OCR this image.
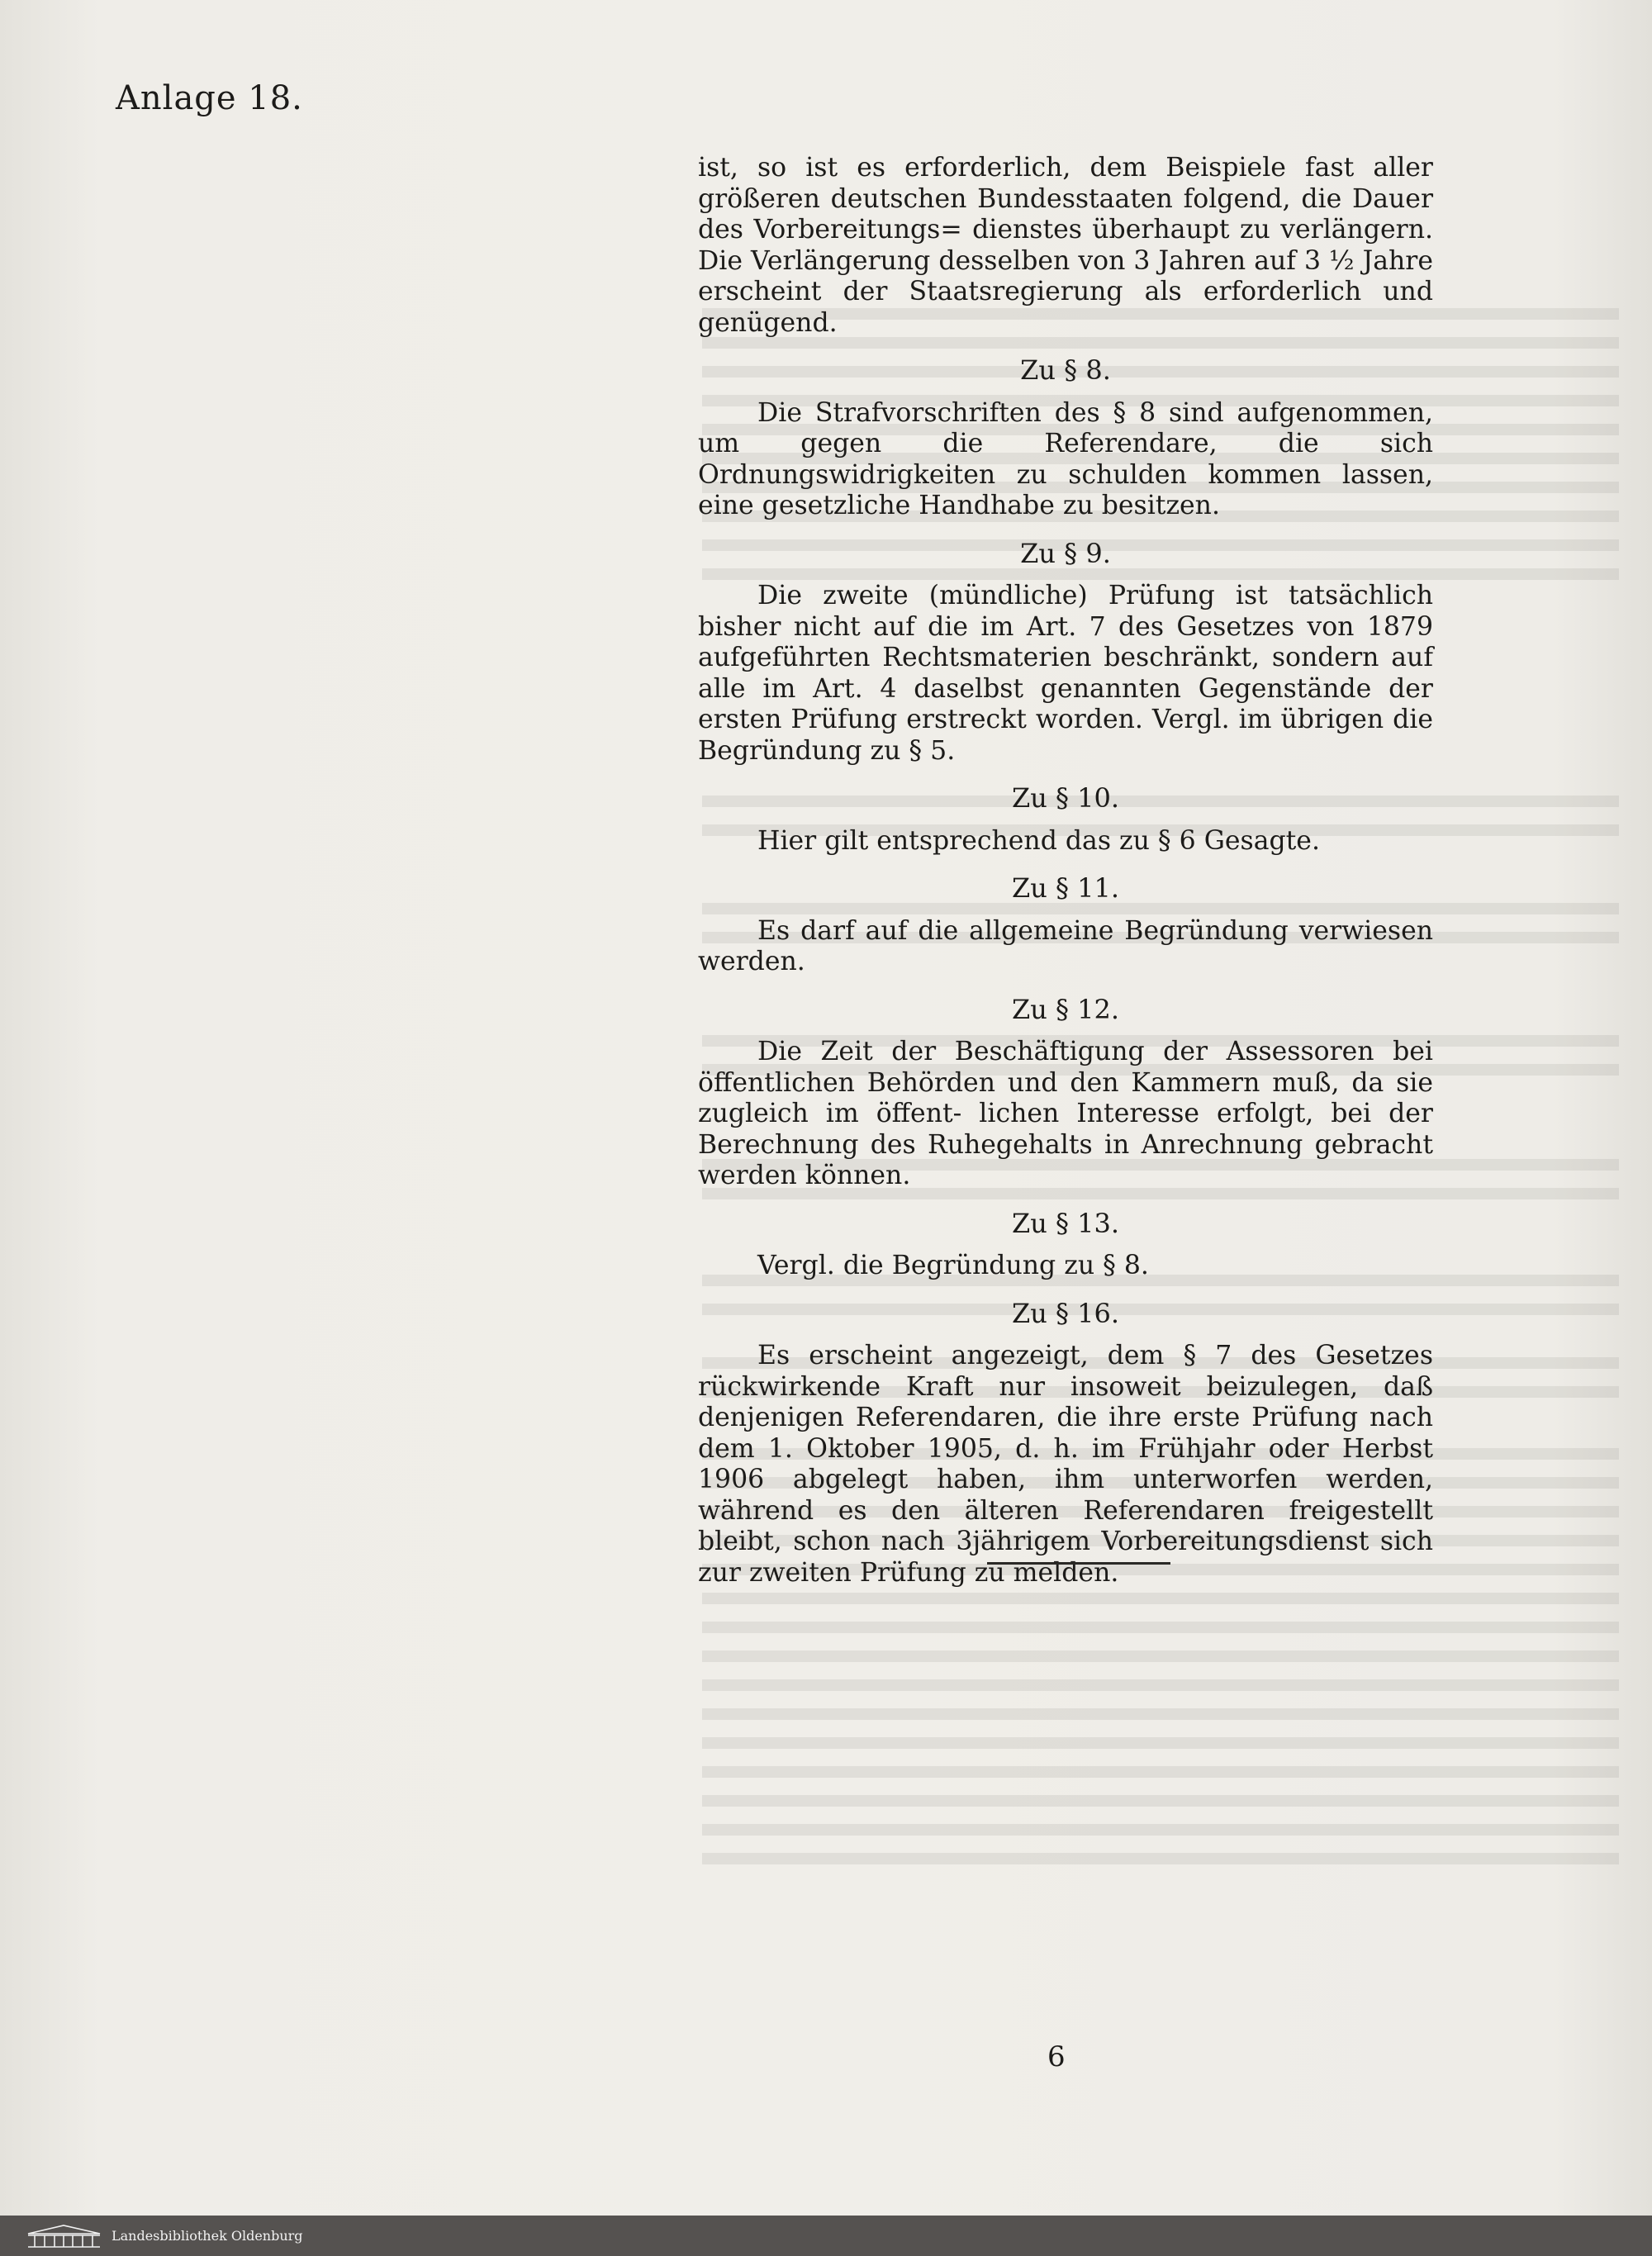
Anlage 18.

ist, so ist es erforderlich, dem Beispiele fast aller größeren deutschen Bundesstaaten folgend, die Dauer des Vorbereitungs= dienstes überhaupt zu verlängern. Die Verlängerung desselben von 3 Jahren auf 3 ½ Jahre erscheint der Staatsregierung als erforderlich und genügend.

Zu § 8.

Die Strafvorschriften des § 8 sind aufgenommen, um gegen die Referendare, die sich Ordnungswidrigkeiten zu schulden kommen lassen, eine gesetzliche Handhabe zu besitzen.

Zu § 9.

Die zweite (mündliche) Prüfung ist tatsächlich bisher nicht auf die im Art. 7 des Gesetzes von 1879 aufgeführten Rechtsmaterien beschränkt, sondern auf alle im Art. 4 daselbst genannten Gegenstände der ersten Prüfung erstreckt worden. Vergl. im übrigen die Begründung zu § 5.

Zu § 10.

Hier gilt entsprechend das zu § 6 Gesagte.

Zu § 11.

Es darf auf die allgemeine Begründung verwiesen werden.

Zu § 12.

Die Zeit der Beschäftigung der Assessoren bei öffentlichen Behörden und den Kammern muß, da sie zugleich im öffent- lichen Interesse erfolgt, bei der Berechnung des Ruhegehalts in Anrechnung gebracht werden können.

Zu § 13.

Vergl. die Begründung zu § 8.

Zu § 16.

Es erscheint angezeigt, dem § 7 des Gesetzes rückwirkende Kraft nur insoweit beizulegen, daß denjenigen Referendaren, die ihre erste Prüfung nach dem 1. Oktober 1905, d. h. im Frühjahr oder Herbst 1906 abgelegt haben, ihm unterworfen werden, während es den älteren Referendaren freigestellt bleibt, schon nach 3jährigem Vorbereitungsdienst sich zur zweiten Prüfung zu melden.

6
Landesbibliothek Oldenburg
